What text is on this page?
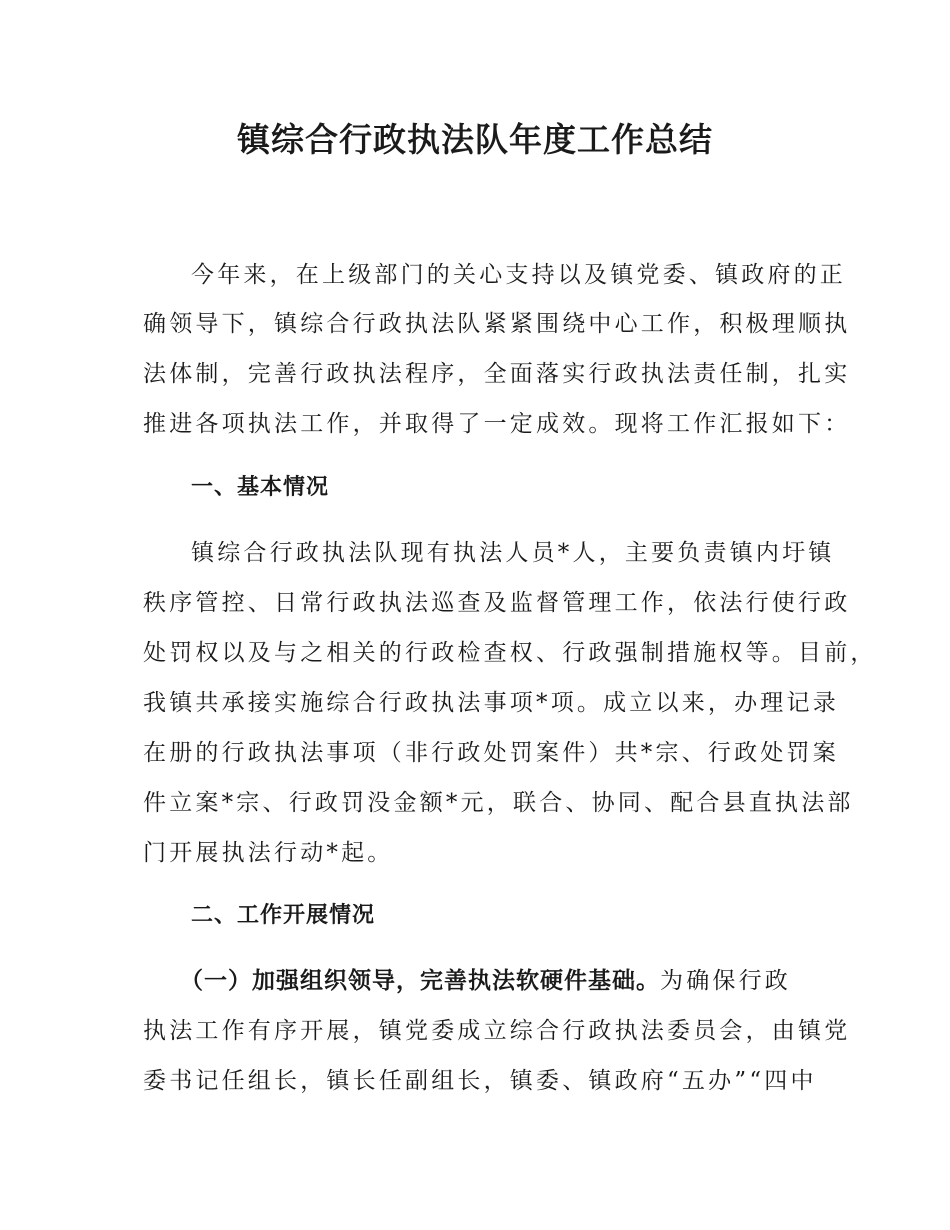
镇综合行政执法队年度工作总结
今年来，在上级部门的关心支持以及镇党委、镇政府的正
确领导下，镇综合行政执法队紧紧围绕中心工作，积极理顺执
法体制，完善行政执法程序，全面落实行政执法责任制，扎实
推进各项执法工作，并取得了一定成效。现将工作汇报如下：
一、基本情况
镇综合行政执法队现有执法人员*人，主要负责镇内圩镇
秩序管控、日常行政执法巡查及监督管理工作，依法行使行政
处罚权以及与之相关的行政检查权、行政强制措施权等。目前，
我镇共承接实施综合行政执法事项*项。成立以来，办理记录
在册的行政执法事项（非行政处罚案件）共*宗、行政处罚案
件立案*宗、行政罚没金额*元，联合、协同、配合县直执法部
门开展执法行动*起。
二、工作开展情况
（一）加强组织领导，完善执法软硬件基础。为确保行政
执法工作有序开展，镇党委成立综合行政执法委员会，由镇党
委书记任组长，镇长任副组长，镇委、镇政府“五办”“四中
